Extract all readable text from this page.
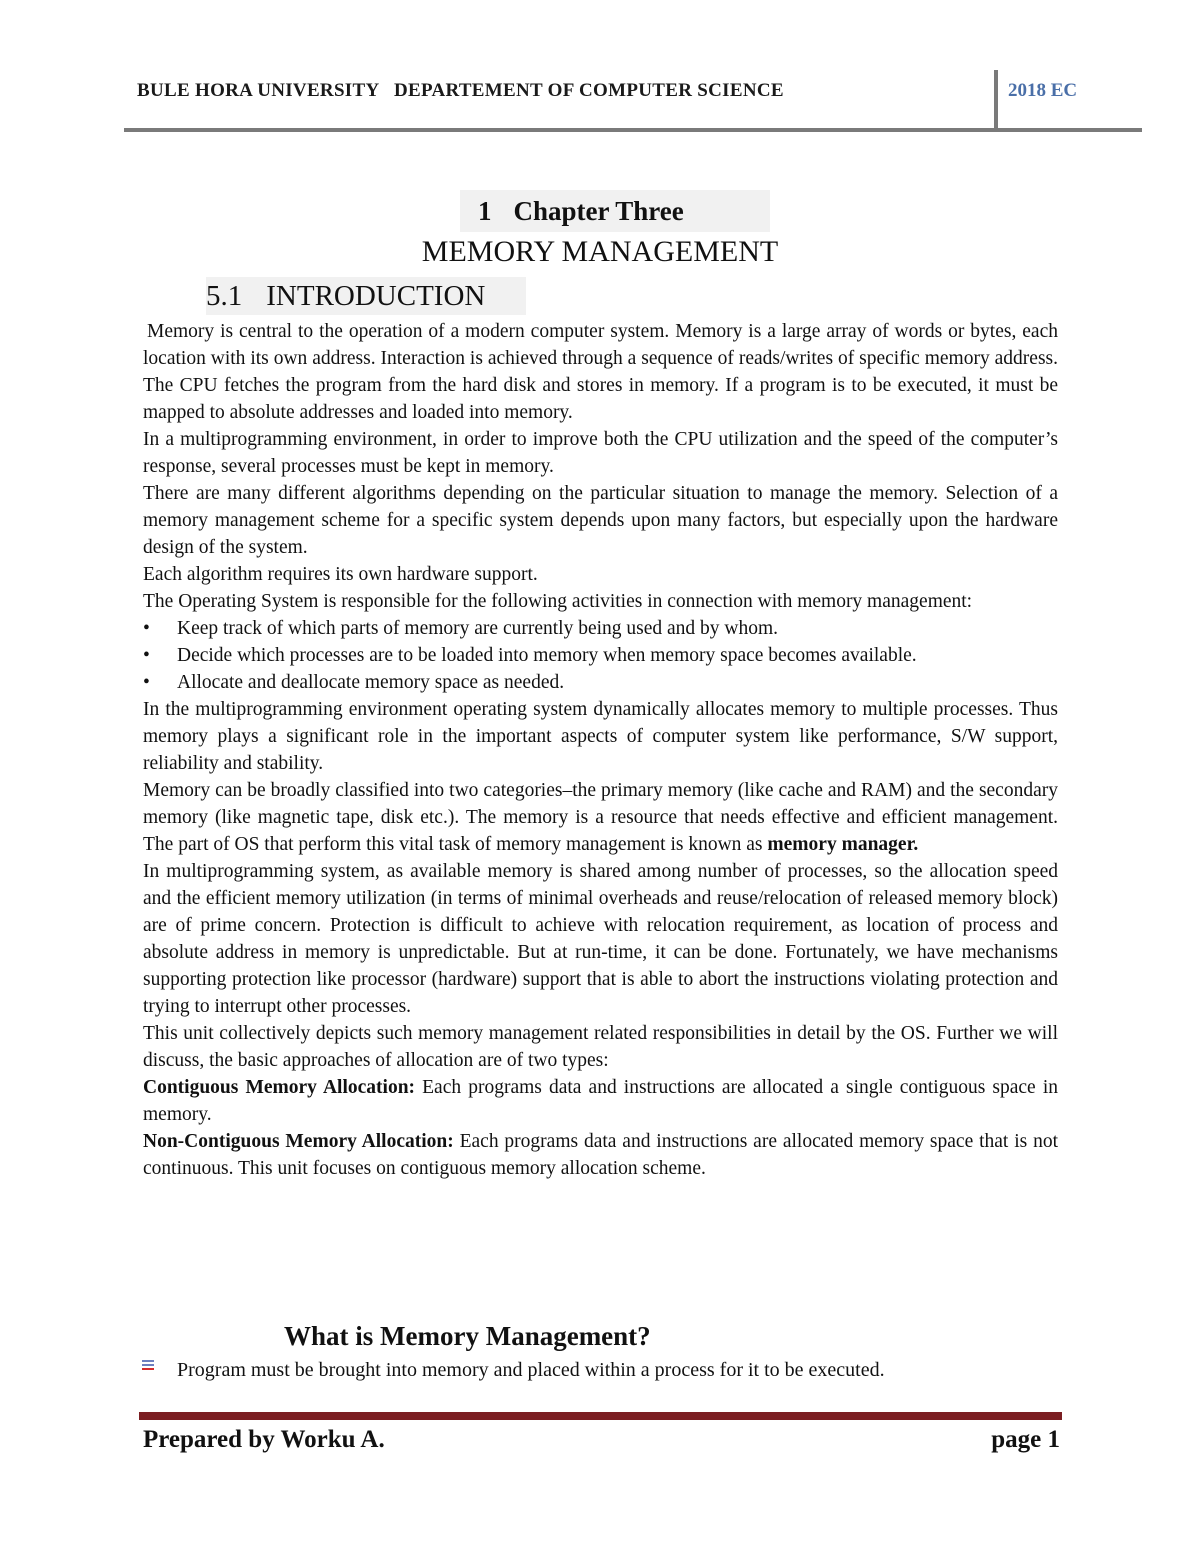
BULE HORA UNIVERSITY DEPARTEMENT OF COMPUTER SCIENCE	2018 EC
1 Chapter Three
MEMORY MANAGEMENT
5.1 INTRODUCTION

Memory is central to the operation of a modern computer system. Memory is a large array of words or bytes, each location with its own address. Interaction is achieved through a sequence of reads/writes of specific memory address. The CPU fetches the program from the hard disk and stores in memory. If a program is to be executed, it must be mapped to absolute addresses and loaded into memory.

In a multiprogramming environment, in order to improve both the CPU utilization and the speed of the computer’s response, several processes must be kept in memory.

There are many different algorithms depending on the particular situation to manage the memory. Selection of a memory management scheme for a specific system depends upon many factors, but especially upon the hardware design of the system.

Each algorithm requires its own hardware support.

The Operating System is responsible for the following activities in connection with memory management:

• Keep track of which parts of memory are currently being used and by whom.
• Decide which processes are to be loaded into memory when memory space becomes available.
• Allocate and deallocate memory space as needed.

In the multiprogramming environment operating system dynamically allocates memory to multiple processes. Thus memory plays a significant role in the important aspects of computer system like performance, S/W support, reliability and stability.

Memory can be broadly classified into two categories–the primary memory (like cache and RAM) and the secondary memory (like magnetic tape, disk etc.). The memory is a resource that needs effective and efficient management. The part of OS that perform this vital task of memory management is known as memory manager.

In multiprogramming system, as available memory is shared among number of processes, so the allocation speed and the efficient memory utilization (in terms of minimal overheads and reuse/relocation of released memory block) are of prime concern. Protection is difficult to achieve with relocation requirement, as location of process and absolute address in memory is unpredictable. But at run-time, it can be done. Fortunately, we have mechanisms supporting protection like processor (hardware) support that is able to abort the instructions violating protection and trying to interrupt other processes.

This unit collectively depicts such memory management related responsibilities in detail by the OS. Further we will discuss, the basic approaches of allocation are of two types:

Contiguous Memory Allocation: Each programs data and instructions are allocated a single contiguous space in memory.

Non-Contiguous Memory Allocation: Each programs data and instructions are allocated memory space that is not continuous. This unit focuses on contiguous memory allocation scheme.

What is Memory Management?
Program must be brought into memory and placed within a process for it to be executed.
Prepared by Worku A.	page 1
